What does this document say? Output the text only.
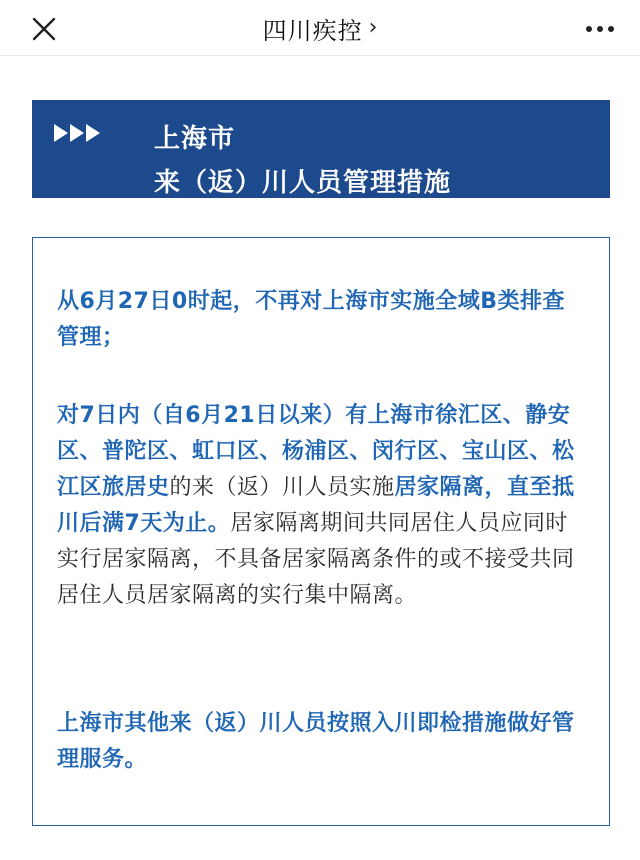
四川疾控 ›
上海市
来（返）川人员管理措施

从6月27日0时起，不再对上海市实施全域B类排查管理；

对7日内（自6月21日以来）有上海市徐汇区、静安区、普陀区、虹口区、杨浦区、闵行区、宝山区、松江区旅居史的来（返）川人员实施居家隔离，直至抵川后满7天为止。居家隔离期间共同居住人员应同时实行居家隔离，不具备居家隔离条件的或不接受共同居住人员居家隔离的实行集中隔离。

上海市其他来（返）川人员按照入川即检措施做好管理服务。
